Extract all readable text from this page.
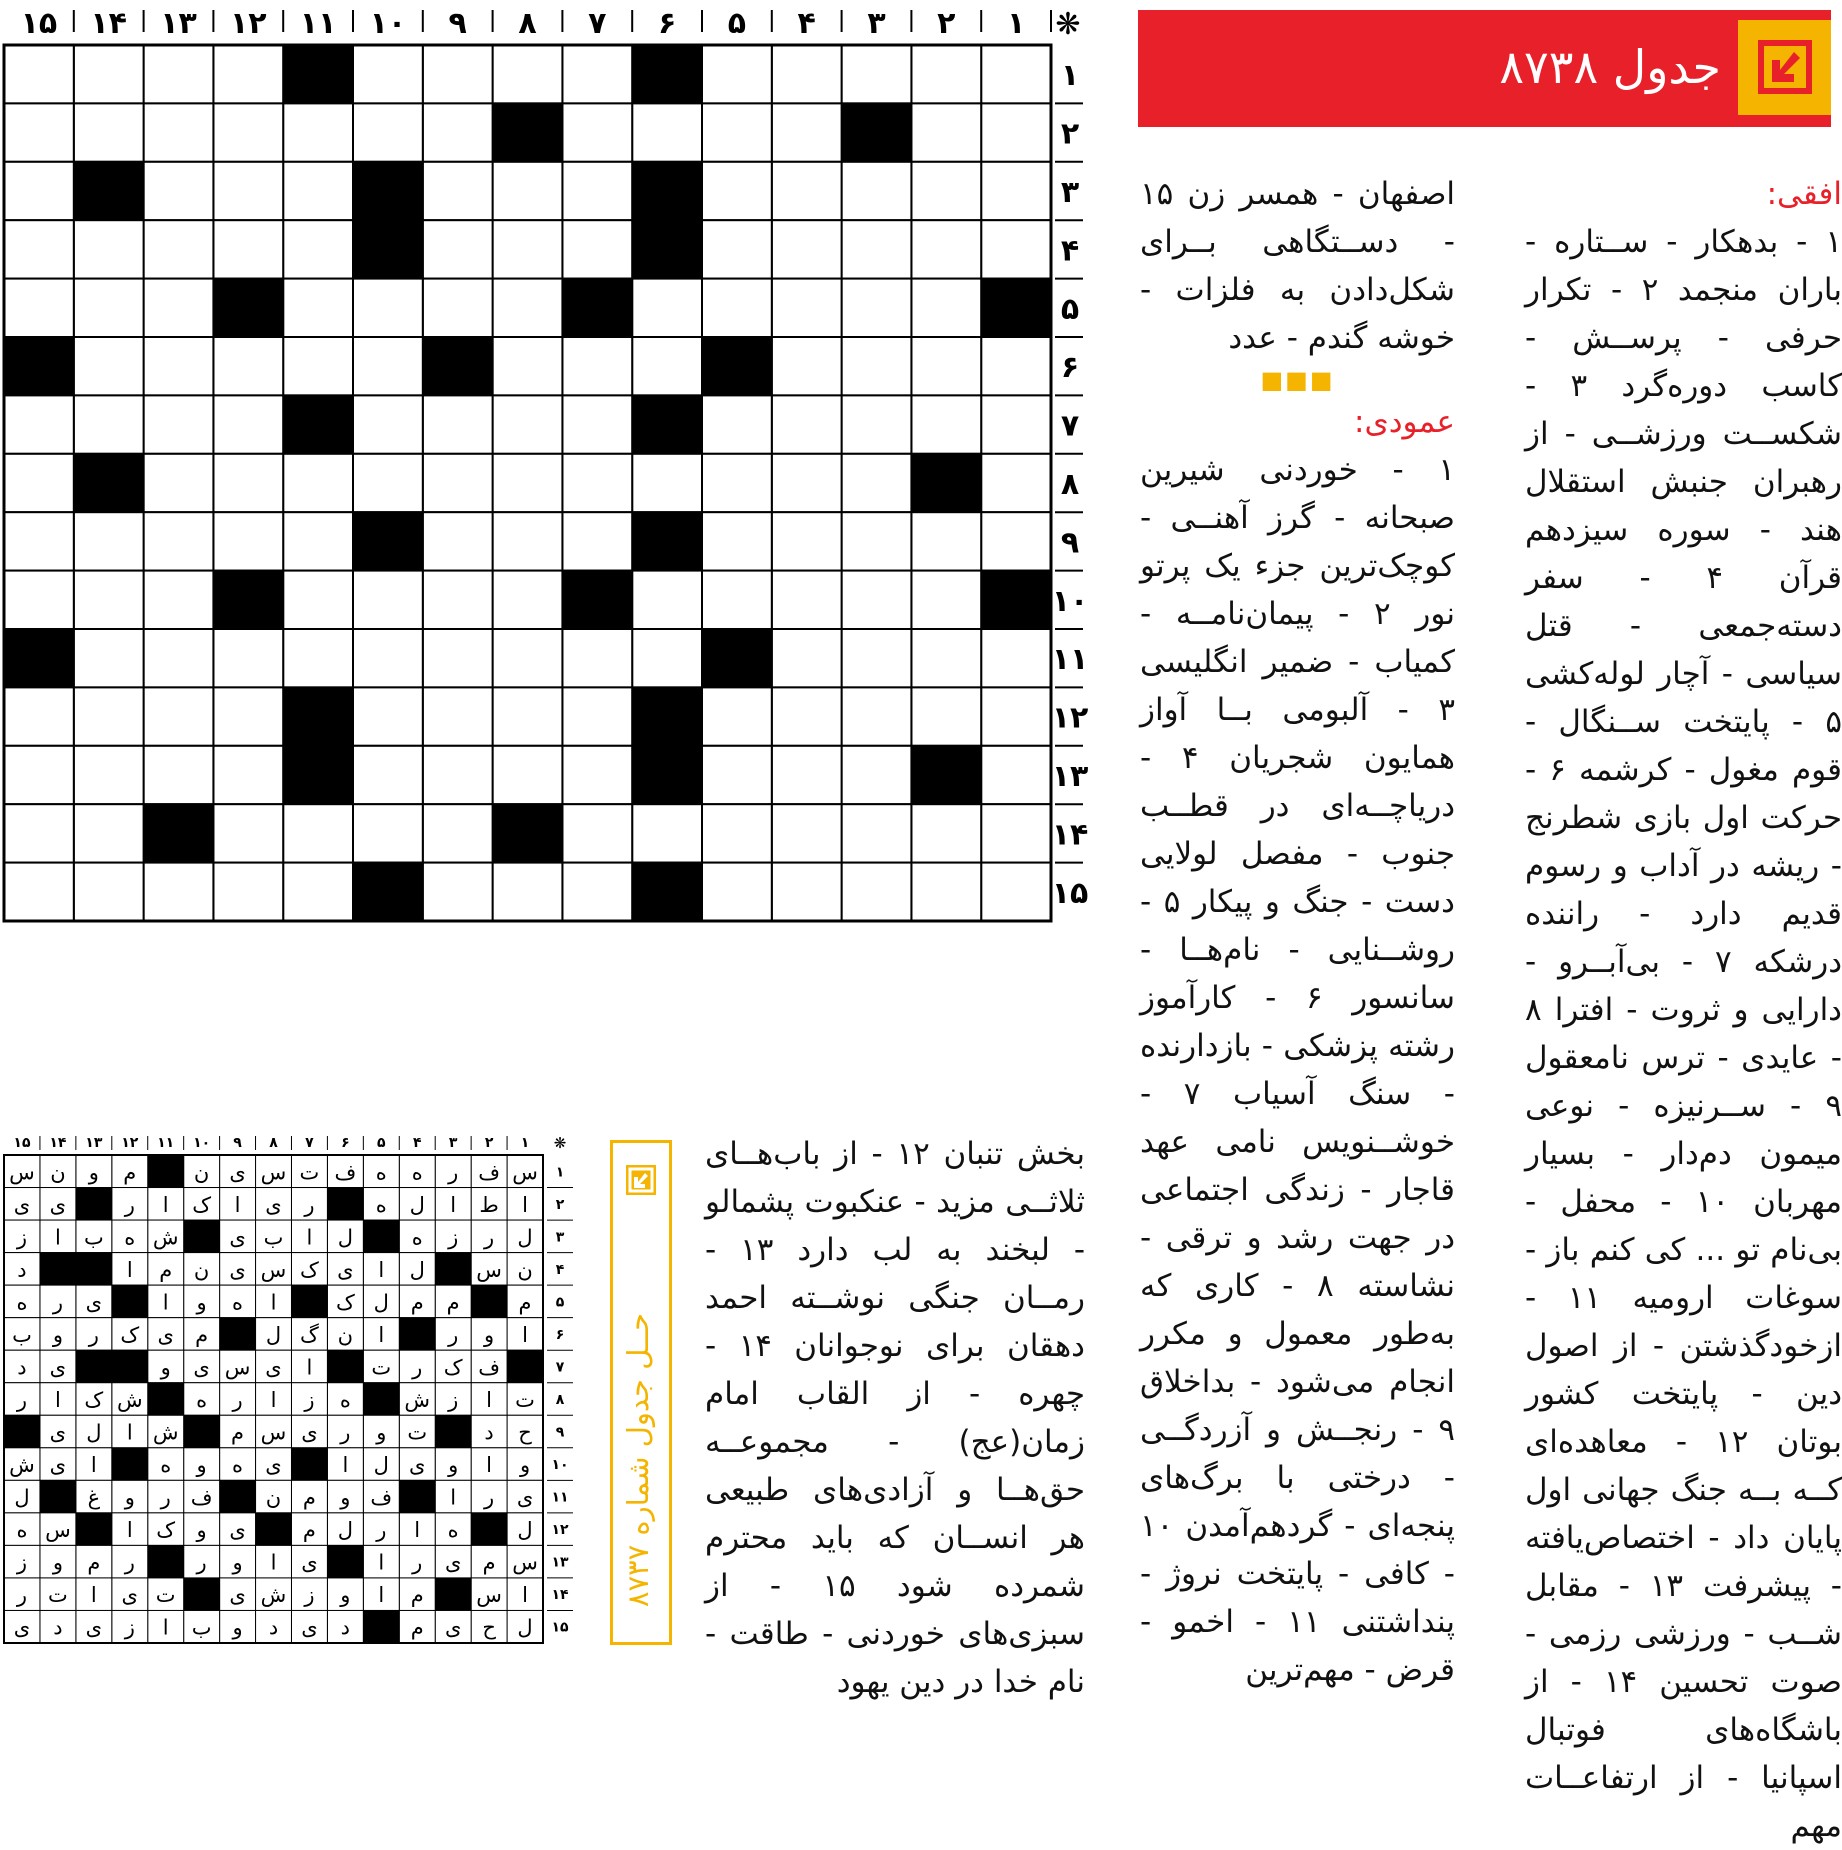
۱
۲
۳
۴
۵
۶
۷
۸
۹
۱۰
۱۱
۱۲
۱۳
۱۴
۱۵	❋
۱
۲
۳
۴
۵
۶
۷
۸
۹
۱۰
۱۱
۱۲
۱۳
۱۴
۱۵
جدول ۸۷۳۸

افقی:

۱ - بدهکار - ســتاره - باران منجمد ۲ - تکرار حرفی - پرســش - کاسب دوره‌گرد ۳ - شکســت ورزشــی - از رهبران جنبش استقلال هند - سوره سیزدهم قرآن ۴ - سفر دسته‌جمعی - قتل سیاسی - آچار لوله‌کشی ۵ - پایتخت ســنگال - قوم مغول - کرشمه ۶ - حرکت اول بازی شطرنج - ریشه در آداب و رسوم قدیم دارد - راننده درشکه ۷ - بی‌آبــرو - دارایی و ثروت - افترا ۸ - عایدی - ترس نامعقول ۹ - ســرنیزه - نوعی میمون دم‌دار - بسیار مهربان ۱۰ - محفل - بی‌نام تو ... کی کنم باز - سوغات ارومیه ۱۱ - ازخودگذشتن - از اصول دین - پایتخت کشور بوتان ۱۲ - معاهده‌ای کــه بــه جنگ جهانی اول پایان داد - اختصاص‌یافته - پیشرفت ۱۳ - مقابل شــب - ورزشی رزمی - صوت تحسین ۱۴ - از باشگاه‌های فوتبال اسپانیا - از ارتفاعــات مهم

اصفهان - همسر زن ۱۵ - دســتگاهی بــرای شکل‌دادن به فلزات - خوشه گندم - عدد

■■■

عمودی:

۱ - خوردنی شیرین صبحانه - گرز آهنــی - کوچک‌ترین جزء یک پرتو نور ۲ - پیمان‌نامــه - کمیاب - ضمیر انگلیسی ۳ - آلبومی بــا آواز همایون شجریان ۴ - دریاچــه‌ای در قطــب جنوب - مفصل لولایی دست - جنگ و پیکار ۵ - روشــنایی - نام‌هــا - سانسور ۶ - کارآموز رشته پزشکی - بازدارنده - سنگ آسیاب ۷ - خوشــنویس نامی عهد قاجار - زندگی اجتماعی در جهت رشد و ترقی - نشاسته ۸ - کاری که به‌طور معمول و مکرر انجام می‌شود - بداخلاق ۹ - رنجــش و آزردگــی - درختی با برگ‌های پنجه‌ای - گردهم‌آمدن ۱۰ - کافی - پایتخت نروژ - پنداشتنی ۱۱ - اخمو - قرض - مهم‌ترین

بخش تنبان ۱۲ - از باب‌هــای ثلاثــی مزید - عنکبوت پشمالو - لبخند به لب دارد ۱۳ - رمــان جنگی نوشــته احمد دهقان برای نوجوانان ۱۴ - چهره - از القاب امام زمان(عج) - مجموعــه حق‌هــا و آزادی‌های طبیعی هر انســان که باید محترم شمرده شود ۱۵ - از سبزی‌های خوردنی - طاقت - نام خدا در دین یهود

حــل جدول شماره ۸۷۳۷
س
ف
ر
ه
ه
ف
ت
س
ی
ن
م
و
ن
س
ا
ط
ا
ل
ه
ر
ی
ا
ک
ا
ر
ی
ی
ل
ر
ز
ه
ل
ا
ب
ی
ش
ه
ب
ا
ز
ن
س
ل
ا
ی
ک
س
ی
ن
م
ا
د
م
م
م
ل
ک
ا
ه
و
ا
ی
ر
ه
ا
و
ر
ا
ن
گ
ل
م
ی
ک
ر
و
ب
ف
ک
ر
ت
ا
ی
س
ی
و
ی
د
ت
ا
ز
ش
ه
ز
ا
ر
ه
ش
ک
ا
ر
ح
د
ت
و
ر
ی
س
م
ش
ا
ل
ی
و
ا
و
ی
ل
ا
ی
ه
و
ه
ا
ی
ش
ی
ر
ا
ف
و
م
ن
ف
ر
و
غ
ل
ل
ه
ا
ر
ل
م
ی
و
ک
ا
س
ه
س
م
ی
ر
ا
ی
ا
و
ر
ر
م
و
ز
ا
س
م
ا
و
ز
ش
ی
ت
ی
ا
ت
ر
ل
ح
ی
م
د
ی
د
و
ب
ا
ز
ی
د
ی
۱
۲
۳
۴
۵
۶
۷
۸
۹
۱۰
۱۱
۱۲
۱۳
۱۴
۱۵	❋
۱
۲
۳
۴
۵
۶
۷
۸
۹
۱۰
۱۱
۱۲
۱۳
۱۴
۱۵
